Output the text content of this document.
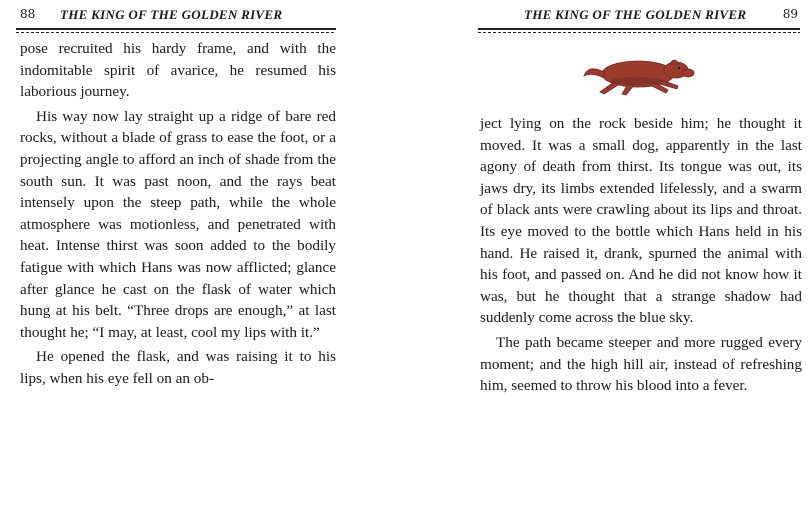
88 THE KING OF THE GOLDEN RIVER

pose recruited his hardy frame, and with the indomitable spirit of avarice, he resumed his laborious journey.

His way now lay straight up a ridge of bare red rocks, without a blade of grass to ease the foot, or a projecting angle to afford an inch of shade from the south sun. It was past noon, and the rays beat intensely upon the steep path, while the whole atmosphere was motionless, and penetrated with heat. Intense thirst was soon added to the bodily fatigue with which Hans was now afflicted; glance after glance he cast on the flask of water which hung at his belt. “Three drops are enough,” at last thought he; “I may, at least, cool my lips with it.”

He opened the flask, and was raising it to his lips, when his eye fell on an ob-

THE KING OF THE GOLDEN RIVER	89

ject lying on the rock beside him; he thought it moved. It was a small dog, apparently in the last agony of death from thirst. Its tongue was out, its jaws dry, its limbs extended lifelessly, and a swarm of black ants were crawling about its lips and throat. Its eye moved to the bottle which Hans held in his hand. He raised it, drank, spurned the animal with his foot, and passed on. And he did not know how it was, but he thought that a strange shadow had suddenly come across the blue sky.

The path became steeper and more rugged every moment; and the high hill air, instead of refreshing him, seemed to throw his blood into a fever.
